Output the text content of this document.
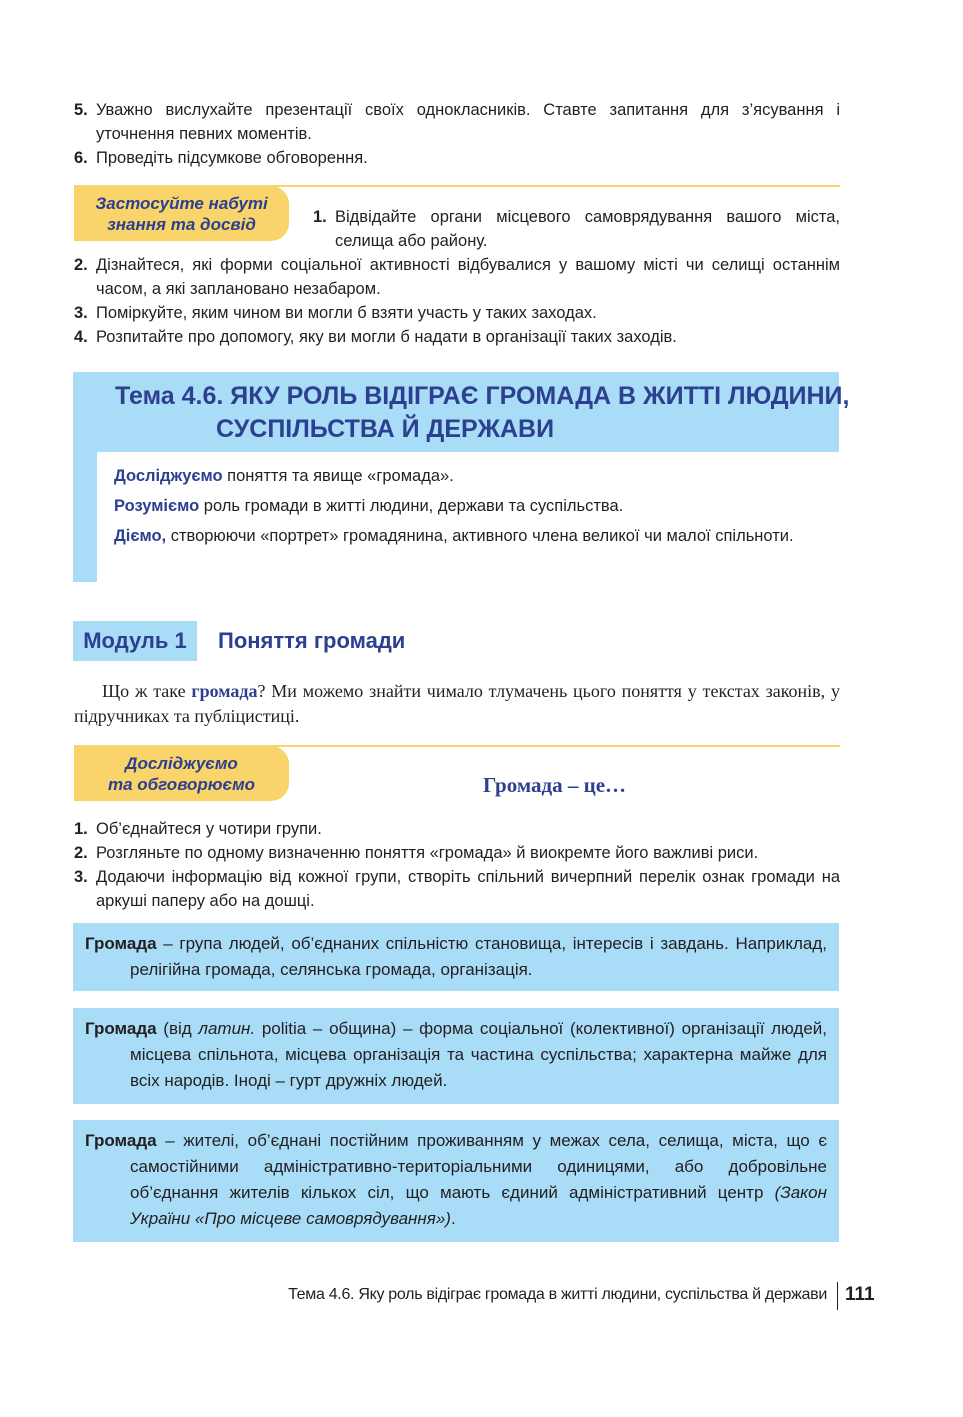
5. Уважно вислухайте презентації своїх однокласників. Ставте запитання для з’ясування і уточнення певних моментів.
6. Проведіть підсумкове обговорення.
Застосуйте набуті
знання та досвід	1. Відвідайте органи місцевого самоврядування вашого міста, селища або району.
2. Дізнайтеся, які форми соціальної активності відбувалися у вашому місті чи селищі останнім часом, а які заплановано незабаром.
3. Поміркуйте, яким чином ви могли б взяти участь у таких заходах.
4. Розпитайте про допомогу, яку ви могли б надати в організації таких заходів.
Тема 4.6. ЯКУ РОЛЬ ВІДІГРАЄ ГРОМАДА В ЖИТТІ ЛЮДИНИ,
СУСПІЛЬСТВА Й ДЕРЖАВИ
Досліджуємо поняття та явище «громада».
Розуміємо роль громади в житті людини, держави та суспільства.
Діємо, створюючи «портрет» громадянина, активного члена великої чи малої спільноти.
Модуль 1	Поняття громади
Що ж таке громада? Ми можемо знайти чимало тлумачень цього поняття у текстах законів, у підручниках та публіцистиці.
Досліджуємо
та обговорюємо	Громада – це…
1. Об’єднайтеся у чотири групи.
2. Розгляньте по одному визначенню поняття «громада» й виокремте його важливі риси.
3. Додаючи інформацію від кожної групи, створіть спільний вичерпний перелік ознак громади на аркуші паперу або на дошці.
Громада – група людей, об’єднаних спільністю становища, інтересів і завдань. Наприклад, релігійна громада, селянська громада, організація.
Громада (від латин. politia – община) – форма соціальної (колективної) організації людей, місцева спільнота, місцева організація та частина суспільства; характерна майже для всіх народів. Іноді – гурт дружніх людей.
Громада – жителі, об’єднані постійним проживанням у межах села, селища, міста, що є самостійними адміністративно-територіальними одиницями, або добровільне об’єднання жителів кількох сіл, що мають єдиний адміністративний центр (Закон України «Про місцеве самоврядування»).
Тема 4.6. Яку роль відіграє громада в житті людини, суспільства й держави 111
